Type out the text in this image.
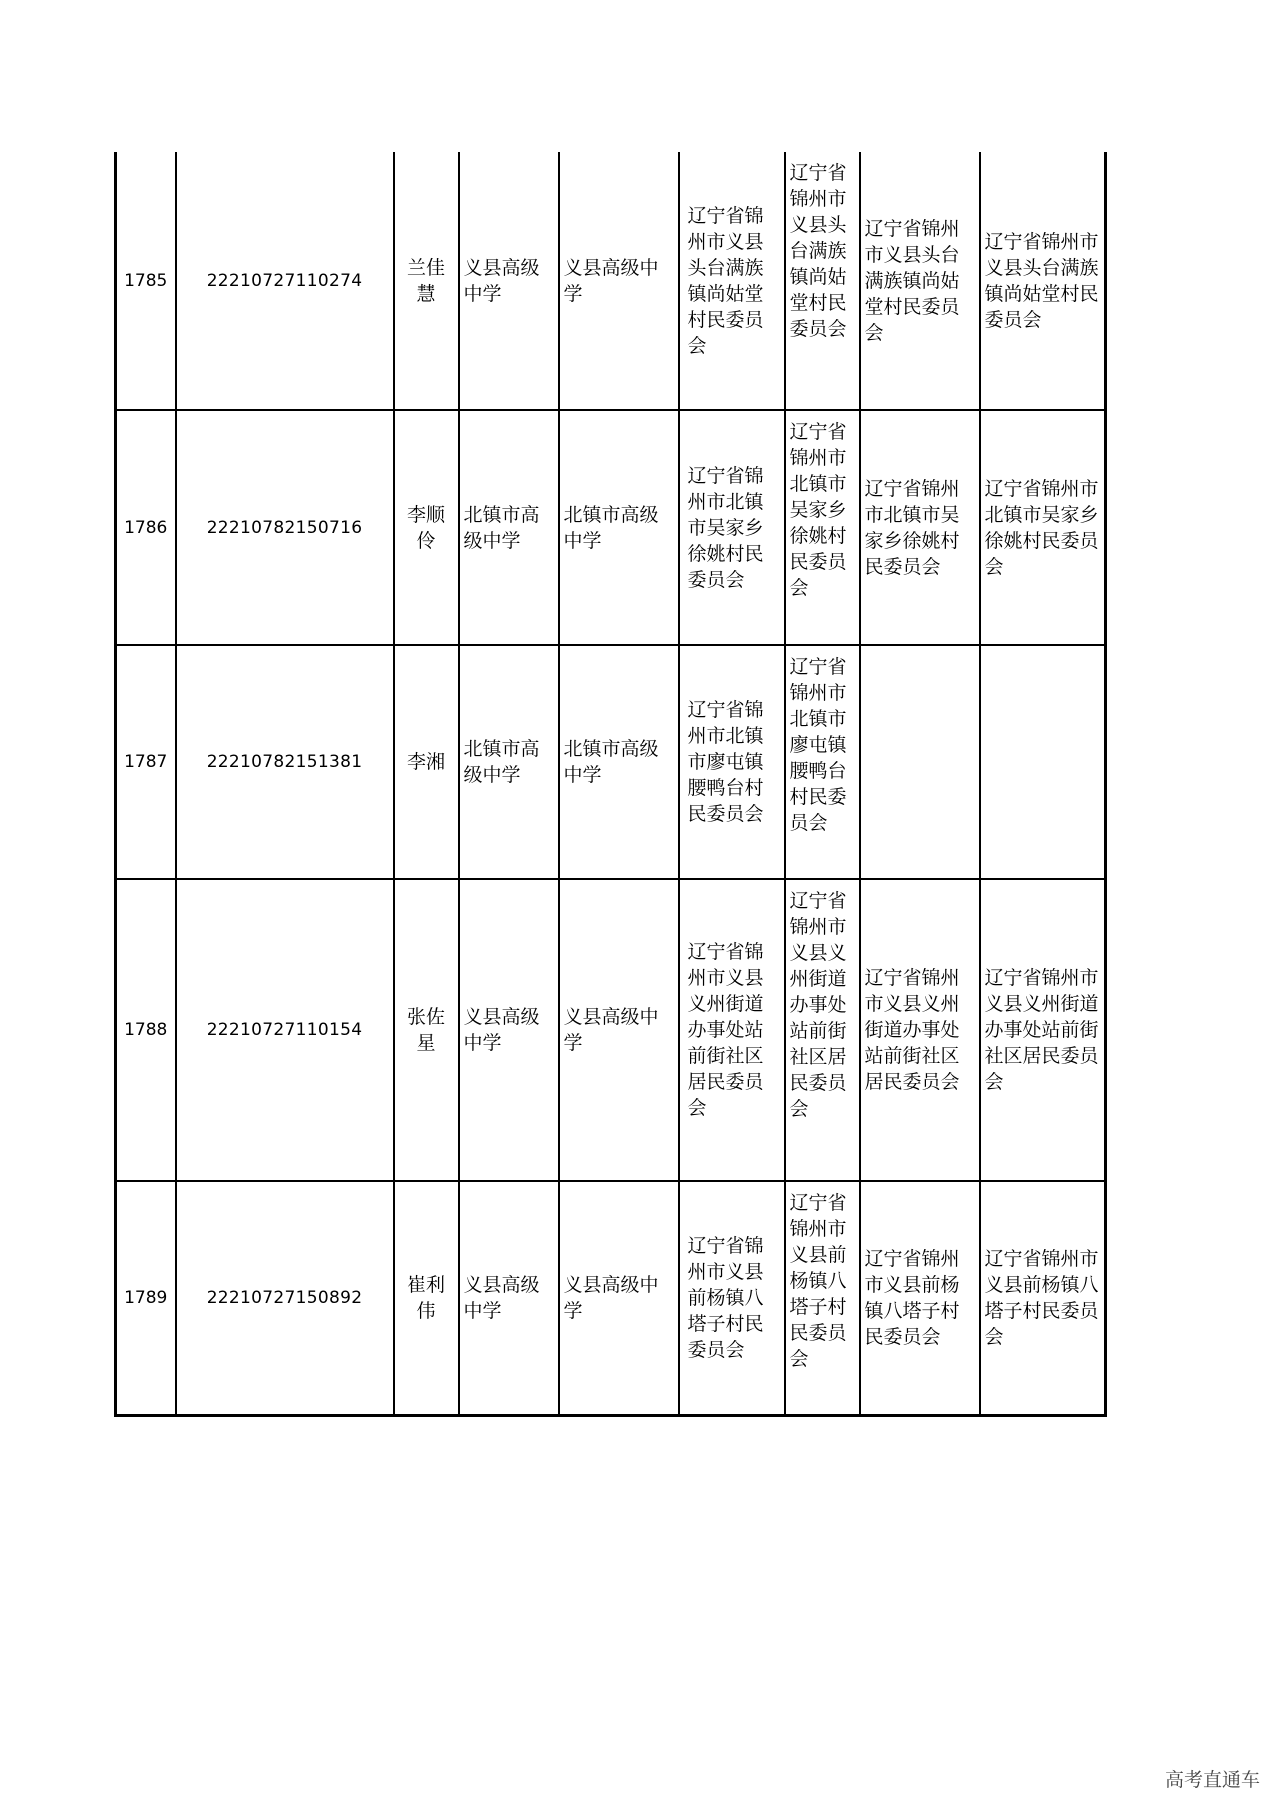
1785	22210727110274	兰佳慧	义县高级中学	义县高级中学	辽宁省锦州市义县头台满族镇尚姑堂村民委员会	辽宁省锦州市义县头台满族镇尚姑堂村民委员会	辽宁省锦州市义县头台满族镇尚姑堂村民委员会	辽宁省锦州市义县头台满族镇尚姑堂村民委员会
1786	22210782150716	李顺伶	北镇市高级中学	北镇市高级中学	辽宁省锦州市北镇市吴家乡徐姚村民委员会	辽宁省锦州市北镇市吴家乡徐姚村民委员会	辽宁省锦州市北镇市吴家乡徐姚村民委员会	辽宁省锦州市北镇市吴家乡徐姚村民委员会
1787	22210782151381	李湘	北镇市高级中学	北镇市高级中学	辽宁省锦州市北镇市廖屯镇腰鸭台村民委员会	辽宁省锦州市北镇市廖屯镇腰鸭台村民委员会		
1788	22210727110154	张佐星	义县高级中学	义县高级中学	辽宁省锦州市义县义州街道办事处站前街社区居民委员会	辽宁省锦州市义县义州街道办事处站前街社区居民委员会	辽宁省锦州市义县义州街道办事处站前街社区居民委员会	辽宁省锦州市义县义州街道办事处站前街社区居民委员会
1789	22210727150892	崔利伟	义县高级中学	义县高级中学	辽宁省锦州市义县前杨镇八塔子村民委员会	辽宁省锦州市义县前杨镇八塔子村民委员会	辽宁省锦州市义县前杨镇八塔子村民委员会	辽宁省锦州市义县前杨镇八塔子村民委员会
高考直通车
